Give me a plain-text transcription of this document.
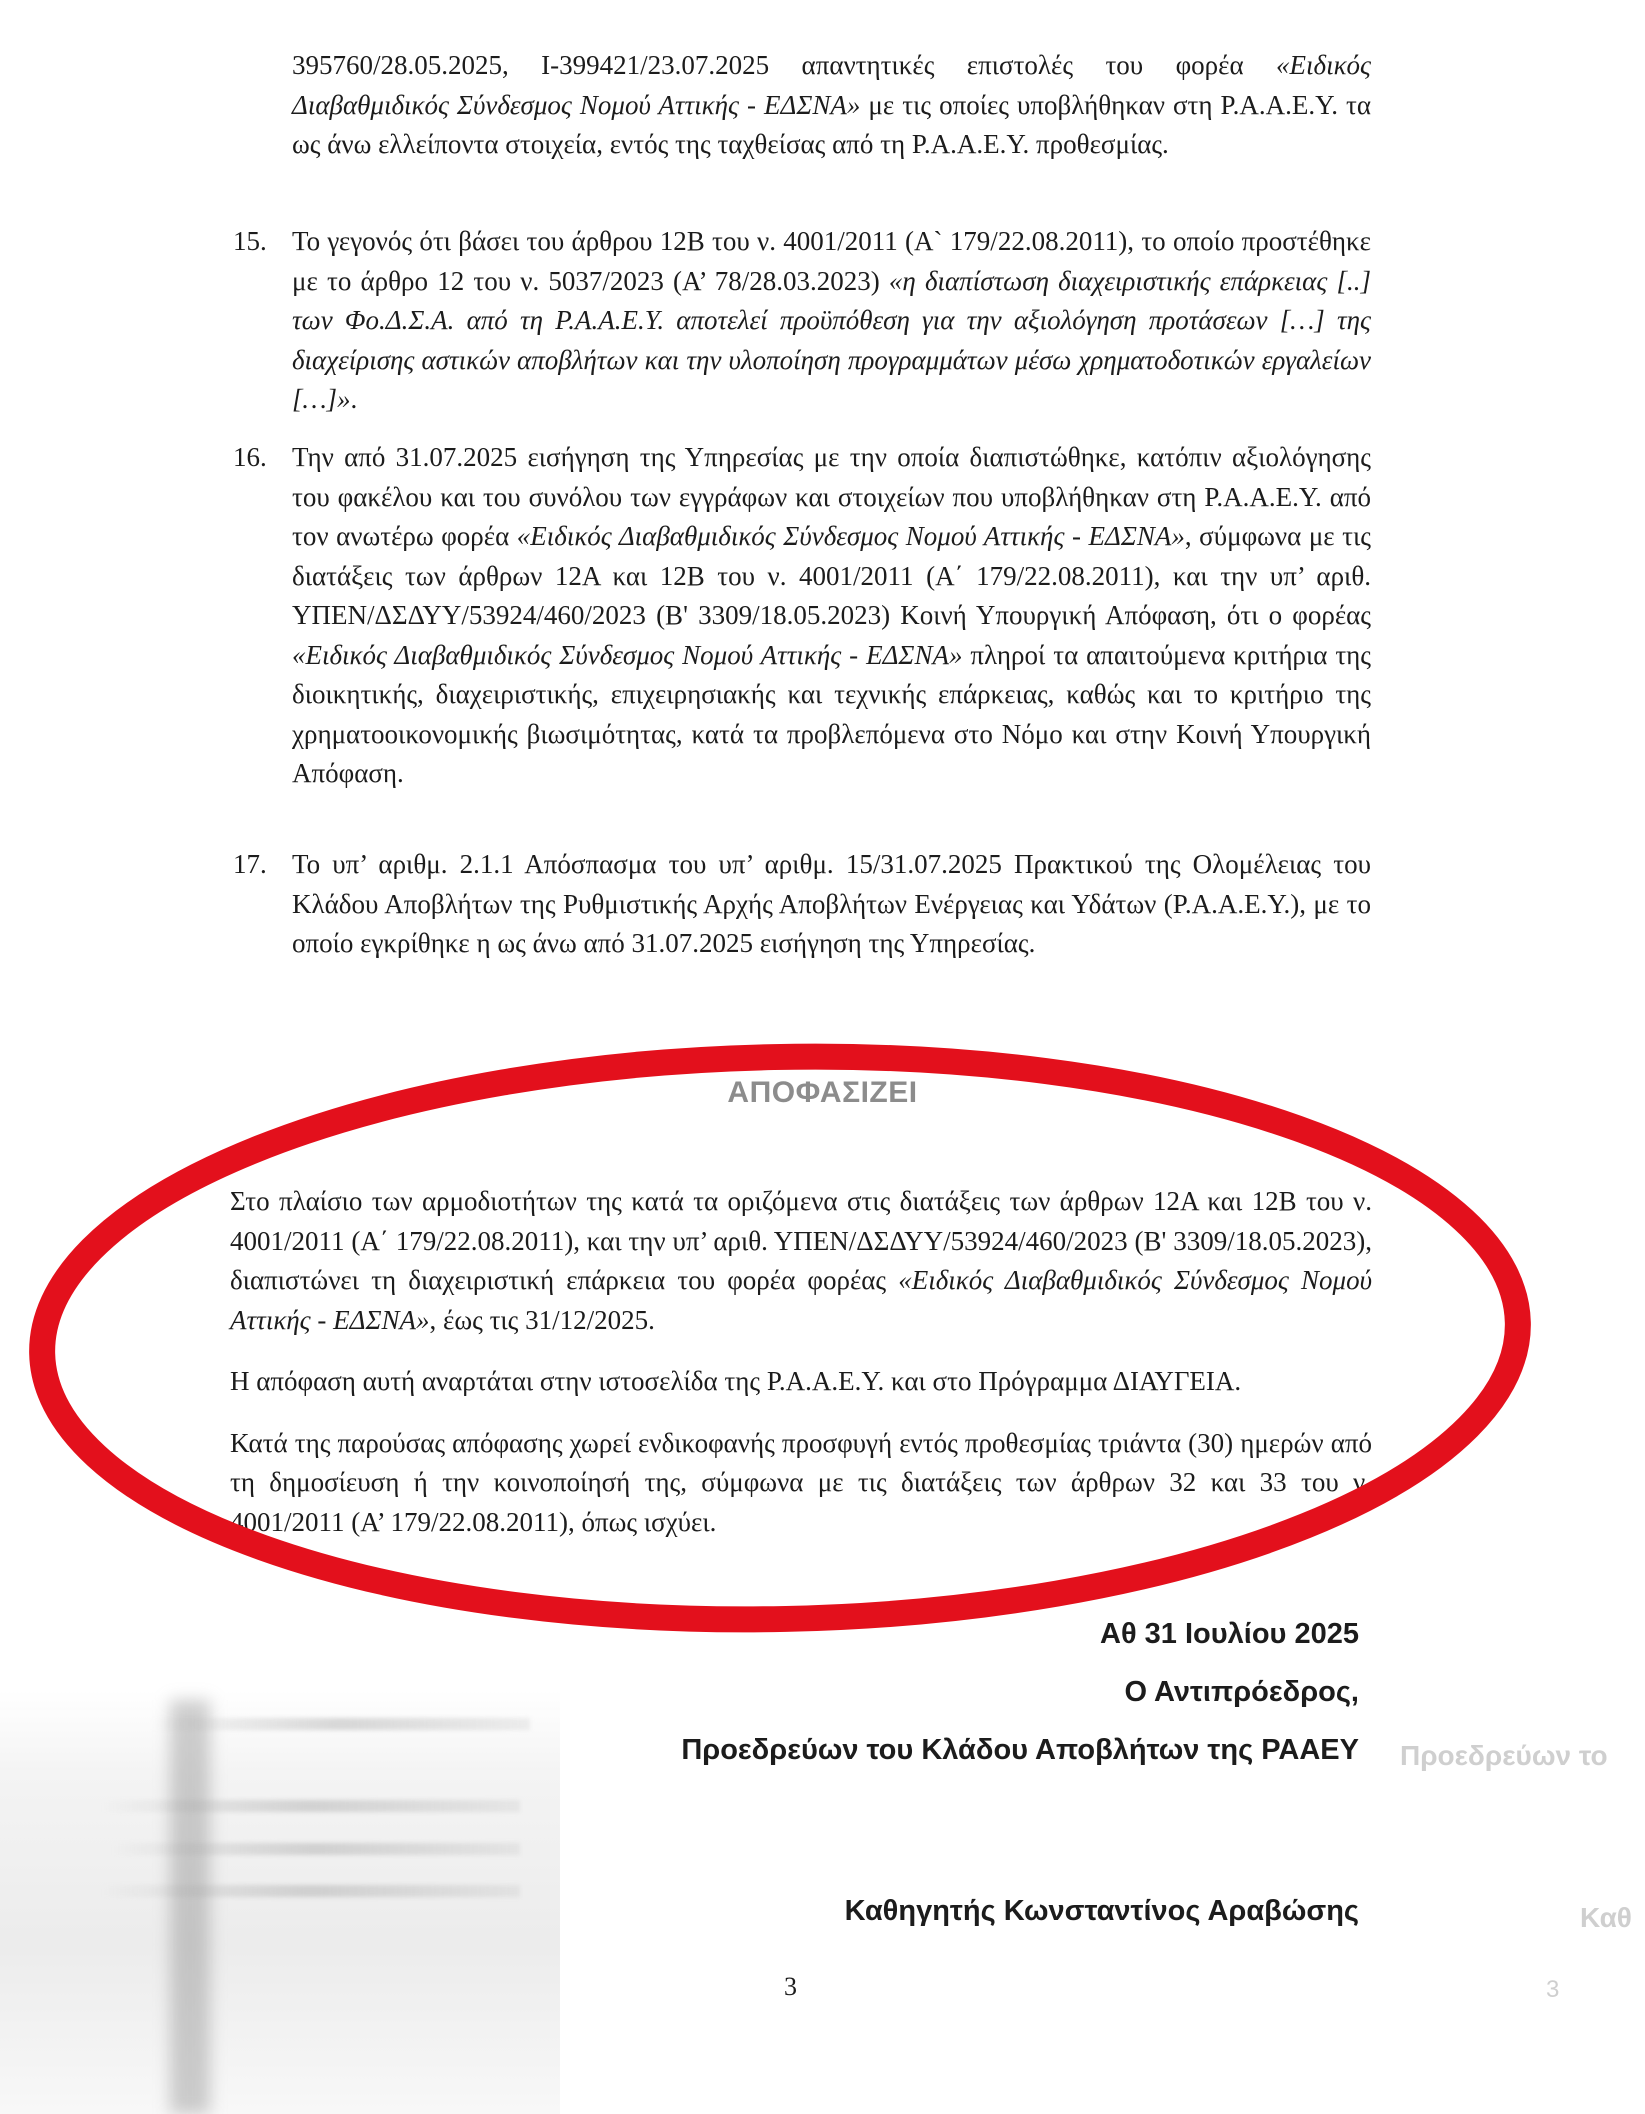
395760/28.05.2025, I-399421/23.07.2025 απαντητικές επιστολές του φορέα «Ειδικός Διαβαθμιδικός Σύνδεσμος Νομού Αττικής - ΕΔΣΝΑ» με τις οποίες υποβλήθηκαν στη Ρ.Α.Α.Ε.Υ. τα ως άνω ελλείποντα στοιχεία, εντός της ταχθείσας από τη Ρ.Α.Α.Ε.Υ. προθεσμίας.

15. Το γεγονός ότι βάσει του άρθρου 12Β του ν. 4001/2011 (Α` 179/22.08.2011), το οποίο προστέθηκε με το άρθρο 12 του ν. 5037/2023 (Α’ 78/28.03.2023) «η διαπίστωση διαχειριστικής επάρκειας [..] των Φο.Δ.Σ.Α. από τη Ρ.Α.Α.Ε.Υ. αποτελεί προϋπόθεση για την αξιολόγηση προτάσεων […] της διαχείρισης αστικών αποβλήτων και την υλοποίηση προγραμμάτων μέσω χρηματοδοτικών εργαλείων […]».
16. Την από 31.07.2025 εισήγηση της Υπηρεσίας με την οποία διαπιστώθηκε, κατόπιν αξιολόγησης του φακέλου και του συνόλου των εγγράφων και στοιχείων που υποβλήθηκαν στη Ρ.Α.Α.Ε.Υ. από τον ανωτέρω φορέα «Ειδικός Διαβαθμιδικός Σύνδεσμος Νομού Αττικής - ΕΔΣΝΑ», σύμφωνα με τις διατάξεις των άρθρων 12Α και 12Β του ν. 4001/2011 (Α΄ 179/22.08.2011), και την υπ’ αριθ. ΥΠΕΝ/ΔΣΔΥΥ/53924/460/2023 (Β' 3309/18.05.2023) Κοινή Υπουργική Απόφαση, ότι ο φορέας «Ειδικός Διαβαθμιδικός Σύνδεσμος Νομού Αττικής - ΕΔΣΝΑ» πληροί τα απαιτούμενα κριτήρια της διοικητικής, διαχειριστικής, επιχειρησιακής και τεχνικής επάρκειας, καθώς και το κριτήριο της χρηματοοικονομικής βιωσιμότητας, κατά τα προβλεπόμενα στο Νόμο και στην Κοινή Υπουργική Απόφαση.
17. Το υπ’ αριθμ. 2.1.1 Απόσπασμα του υπ’ αριθμ. 15/31.07.2025 Πρακτικού της Ολομέλειας του Κλάδου Αποβλήτων της Ρυθμιστικής Αρχής Αποβλήτων Ενέργειας και Υδάτων (Ρ.Α.Α.Ε.Υ.), με το οποίο εγκρίθηκε η ως άνω από 31.07.2025 εισήγηση της Υπηρεσίας.
ΑΠΟΦΑΣΙΖΕΙ

Στο πλαίσιο των αρμοδιοτήτων της κατά τα οριζόμενα στις διατάξεις των άρθρων 12Α και 12Β του ν. 4001/2011 (Α΄ 179/22.08.2011), και την υπ’ αριθ. ΥΠΕΝ/ΔΣΔΥΥ/53924/460/2023 (Β' 3309/18.05.2023), διαπιστώνει τη διαχειριστική επάρκεια του φορέα φορέας «Ειδικός Διαβαθμιδικός Σύνδεσμος Νομού Αττικής - ΕΔΣΝΑ», έως τις 31/12/2025.

Η απόφαση αυτή αναρτάται στην ιστοσελίδα της Ρ.Α.Α.Ε.Υ. και στο Πρόγραμμα ΔΙΑΥΓΕΙΑ.

Κατά της παρούσας απόφασης χωρεί ενδικοφανής προσφυγή εντός προθεσμίας τριάντα (30) ημερών από τη δημοσίευση ή την κοινοποίησή της, σύμφωνα με τις διατάξεις των άρθρων 32 και 33 του ν. 4001/2011 (Α’ 179/22.08.2011), όπως ισχύει.

Αθ 31 Ιουλίου 2025
Ο Αντιπρόεδρος,
Προεδρεύων του Κλάδου Αποβλήτων της ΡΑΑΕΥ
Καθηγητής Κωνσταντίνος Αραβώσης
Προεδρεύων το
Καθ
3
3
